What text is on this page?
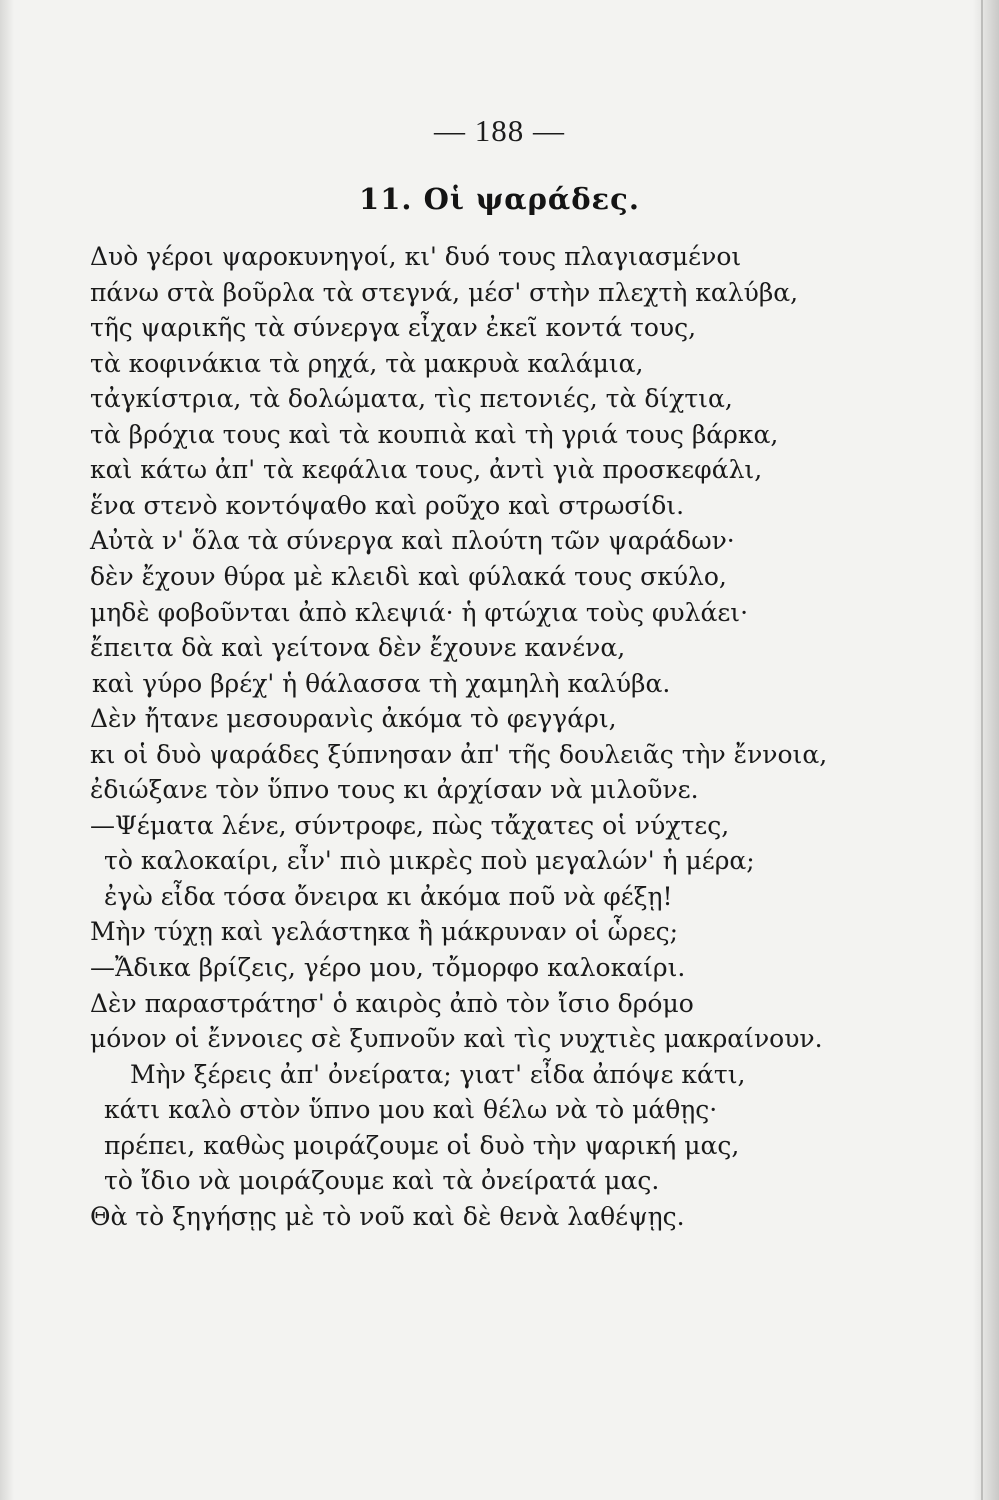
— 188 —
11. Οἱ ψαράδες.
Δυὸ γέροι ψαροκυνηγοί, κι' δυό τους πλαγιασμένοι
πάνω στὰ βοῦρλα τὰ στεγνά, μέσ' στὴν πλεχτὴ καλύβα,
τῆς ψαρικῆς τὰ σύνεργα εἶχαν ἐκεῖ κοντά τους,
τὰ κοφινάκια τὰ ρηχά, τὰ μακρυὰ καλάμια,
τἀγκίστρια, τὰ δολώματα, τὶς πετονιές, τὰ δίχτια,
τὰ βρόχια τους καὶ τὰ κουπιὰ καὶ τὴ γριά τους βάρκα,
καὶ κάτω ἀπ' τὰ κεφάλια τους, ἀντὶ γιὰ προσκεφάλι,
ἕνα στενὸ κοντόψαθο καὶ ροῦχο καὶ στρωσίδι.
Αὐτὰ ν' ὅλα τὰ σύνεργα καὶ πλούτη τῶν ψαράδων·
δὲν ἔχουν θύρα μὲ κλειδὶ καὶ φύλακά τους σκύλο,
μηδὲ φοβοῦνται ἀπὸ κλεψιά· ἡ φτώχια τοὺς φυλάει·
ἔπειτα δὰ καὶ γείτονα δὲν ἔχουνε κανένα,
καὶ γύρο βρέχ' ἡ θάλασσα τὴ χαμηλὴ καλύβα.
Δὲν ἤτανε μεσουρανὶς ἀκόμα τὸ φεγγάρι,
κι οἱ δυὸ ψαράδες ξύπνησαν ἀπ' τῆς δουλειᾶς τὴν ἔννοια,
ἐδιώξανε τὸν ὕπνο τους κι ἀρχίσαν νὰ μιλοῦνε.
—Ψέματα λένε, σύντροφε, πὼς τἄχατες οἱ νύχτες,
τὸ καλοκαίρι, εἶν' πιὸ μικρὲς ποὺ μεγαλών' ἡ μέρα;
ἐγὼ εἶδα τόσα ὄνειρα κι ἀκόμα ποῦ νὰ φέξῃ!
Μὴν τύχῃ καὶ γελάστηκα ἢ μάκρυναν οἱ ὧρες;
—Ἄδικα βρίζεις, γέρο μου, τὄμορφο καλοκαίρι.
Δὲν παραστράτησ' ὁ καιρὸς ἀπὸ τὸν ἴσιο δρόμο
μόνον οἱ ἔννοιες σὲ ξυπνοῦν καὶ τὶς νυχτιὲς μακραίνουν.
Μὴν ξέρεις ἀπ' ὀνείρατα; γιατ' εἶδα ἀπόψε κάτι,
κάτι καλὸ στὸν ὕπνο μου καὶ θέλω νὰ τὸ μάθῃς·
πρέπει, καθὼς μοιράζουμε οἱ δυὸ τὴν ψαρική μας,
τὸ ἴδιο νὰ μοιράζουμε καὶ τὰ ὀνείρατά μας.
Θὰ τὸ ξηγήσῃς μὲ τὸ νοῦ καὶ δὲ θενὰ λαθέψῃς.
